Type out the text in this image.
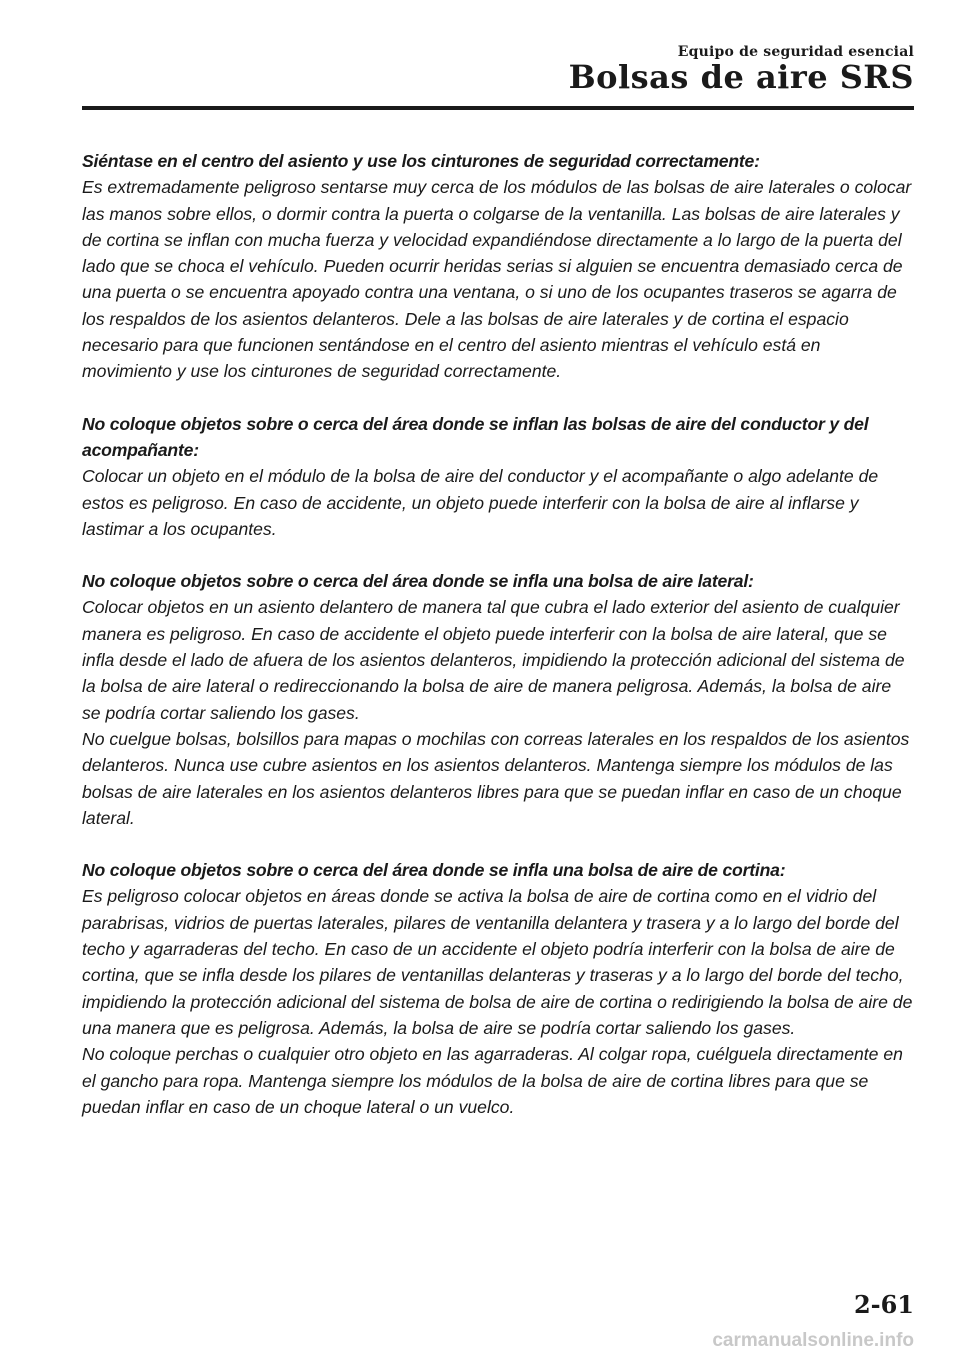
Equipo de seguridad esencial
Bolsas de aire SRS
Siéntase en el centro del asiento y use los cinturones de seguridad correctamente:

Es extremadamente peligroso sentarse muy cerca de los módulos de las bolsas de aire laterales o colocar las manos sobre ellos, o dormir contra la puerta o colgarse de la ventanilla. Las bolsas de aire laterales y de cortina se inflan con mucha fuerza y velocidad expandiéndose directamente a lo largo de la puerta del lado que se choca el vehículo. Pueden ocurrir heridas serias si alguien se encuentra demasiado cerca de una puerta o se encuentra apoyado contra una ventana, o si uno de los ocupantes traseros se agarra de los respaldos de los asientos delanteros. Dele a las bolsas de aire laterales y de cortina el espacio necesario para que funcionen sentándose en el centro del asiento mientras el vehículo está en movimiento y use los cinturones de seguridad correctamente.

No coloque objetos sobre o cerca del área donde se inflan las bolsas de aire del conductor y del acompañante:

Colocar un objeto en el módulo de la bolsa de aire del conductor y el acompañante o algo adelante de estos es peligroso. En caso de accidente, un objeto puede interferir con la bolsa de aire al inflarse y lastimar a los ocupantes.

No coloque objetos sobre o cerca del área donde se infla una bolsa de aire lateral:

Colocar objetos en un asiento delantero de manera tal que cubra el lado exterior del asiento de cualquier manera es peligroso. En caso de accidente el objeto puede interferir con la bolsa de aire lateral, que se infla desde el lado de afuera de los asientos delanteros, impidiendo la protección adicional del sistema de la bolsa de aire lateral o redireccionando la bolsa de aire de manera peligrosa. Además, la bolsa de aire se podría cortar saliendo los gases.

No cuelgue bolsas, bolsillos para mapas o mochilas con correas laterales en los respaldos de los asientos delanteros. Nunca use cubre asientos en los asientos delanteros. Mantenga siempre los módulos de las bolsas de aire laterales en los asientos delanteros libres para que se puedan inflar en caso de un choque lateral.

No coloque objetos sobre o cerca del área donde se infla una bolsa de aire de cortina:

Es peligroso colocar objetos en áreas donde se activa la bolsa de aire de cortina como en el vidrio del parabrisas, vidrios de puertas laterales, pilares de ventanilla delantera y trasera y a lo largo del borde del techo y agarraderas del techo. En caso de un accidente el objeto podría interferir con la bolsa de aire de cortina, que se infla desde los pilares de ventanillas delanteras y traseras y a lo largo del borde del techo, impidiendo la protección adicional del sistema de bolsa de aire de cortina o redirigiendo la bolsa de aire de una manera que es peligrosa. Además, la bolsa de aire se podría cortar saliendo los gases.

No coloque perchas o cualquier otro objeto en las agarraderas. Al colgar ropa, cuélguela directamente en el gancho para ropa. Mantenga siempre los módulos de la bolsa de aire de cortina libres para que se puedan inflar en caso de un choque lateral o un vuelco.

2-61
carmanualsonline.info
